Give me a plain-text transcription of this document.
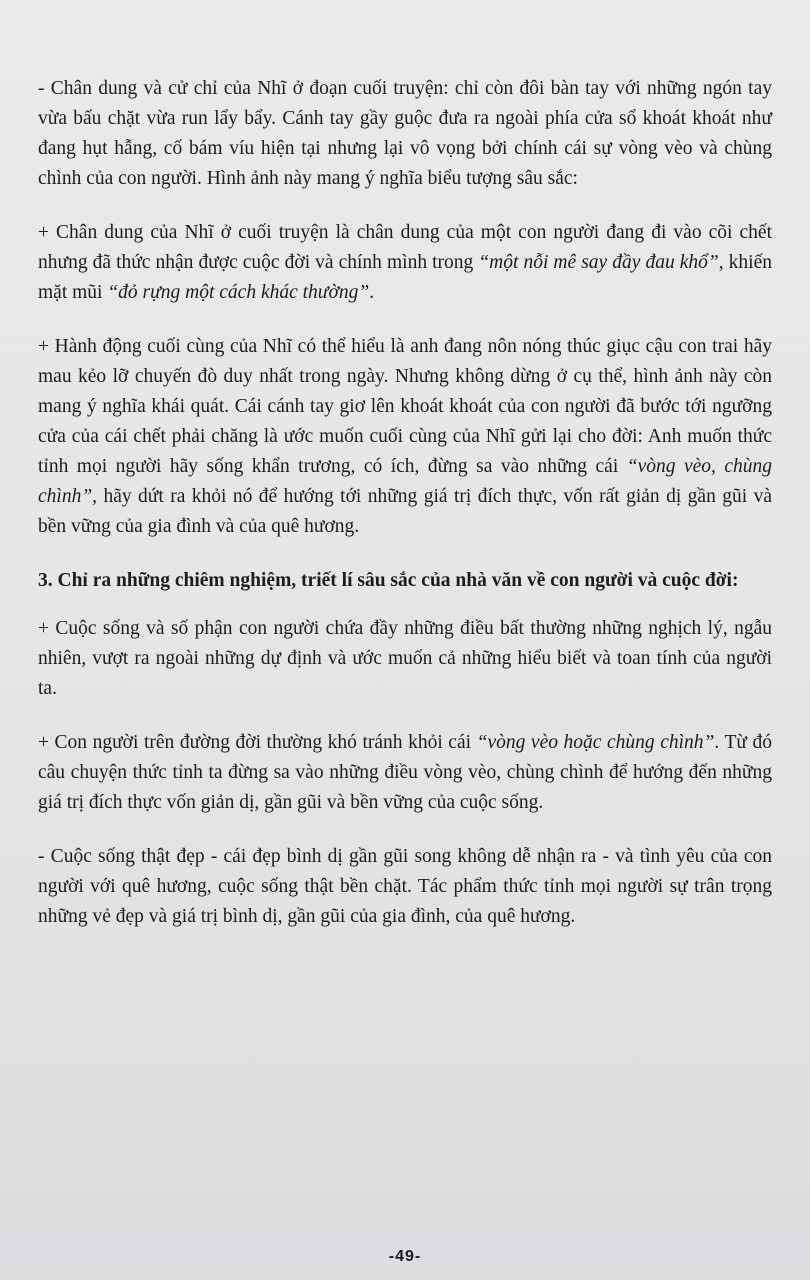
- Chân dung và cử chỉ của Nhĩ ở đoạn cuối truyện: chỉ còn đôi bàn tay với những ngón tay vừa bấu chặt vừa run lẩy bẩy. Cánh tay gầy guộc đưa ra ngoài phía cửa sổ khoát khoát như đang hụt hẫng, cố bám víu hiện tại nhưng lại vô vọng bởi chính cái sự vòng vèo và chùng chình của con người. Hình ảnh này mang ý nghĩa biểu tượng sâu sắc:

+ Chân dung của Nhĩ ở cuối truyện là chân dung của một con người đang đi vào cõi chết nhưng đã thức nhận được cuộc đời và chính mình trong “một nỗi mê say đầy đau khổ”, khiến mặt mũi “đỏ rựng một cách khác thường”.

+ Hành động cuối cùng của Nhĩ có thể hiểu là anh đang nôn nóng thúc giục cậu con trai hãy mau kẻo lỡ chuyến đò duy nhất trong ngày. Nhưng không dừng ở cụ thể, hình ảnh này còn mang ý nghĩa khái quát. Cái cánh tay giơ lên khoát khoát của con người đã bước tới ngưỡng cửa của cái chết phải chăng là ước muốn cuối cùng của Nhĩ gửi lại cho đời: Anh muốn thức tỉnh mọi người hãy sống khẩn trương, có ích, đừng sa vào những cái “vòng vèo, chùng chình”, hãy dứt ra khỏi nó để hướng tới những giá trị đích thực, vốn rất giản dị gần gũi và bền vững của gia đình và của quê hương.

3. Chỉ ra những chiêm nghiệm, triết lí sâu sắc của nhà văn về con người và cuộc đời:

+ Cuộc sống và số phận con người chứa đầy những điều bất thường những nghịch lý, ngẫu nhiên, vượt ra ngoài những dự định và ước muốn cả những hiểu biết và toan tính của người ta.

+ Con người trên đường đời thường khó tránh khỏi cái “vòng vèo hoặc chùng chình”. Từ đó câu chuyện thức tỉnh ta đừng sa vào những điều vòng vèo, chùng chình để hướng đến những giá trị đích thực vốn giản dị, gần gũi và bền vững của cuộc sống.

- Cuộc sống thật đẹp - cái đẹp bình dị gần gũi song không dễ nhận ra - và tình yêu của con người với quê hương, cuộc sống thật bền chặt. Tác phẩm thức tỉnh mọi người sự trân trọng những vẻ đẹp và giá trị bình dị, gần gũi của gia đình, của quê hương.

-49-
